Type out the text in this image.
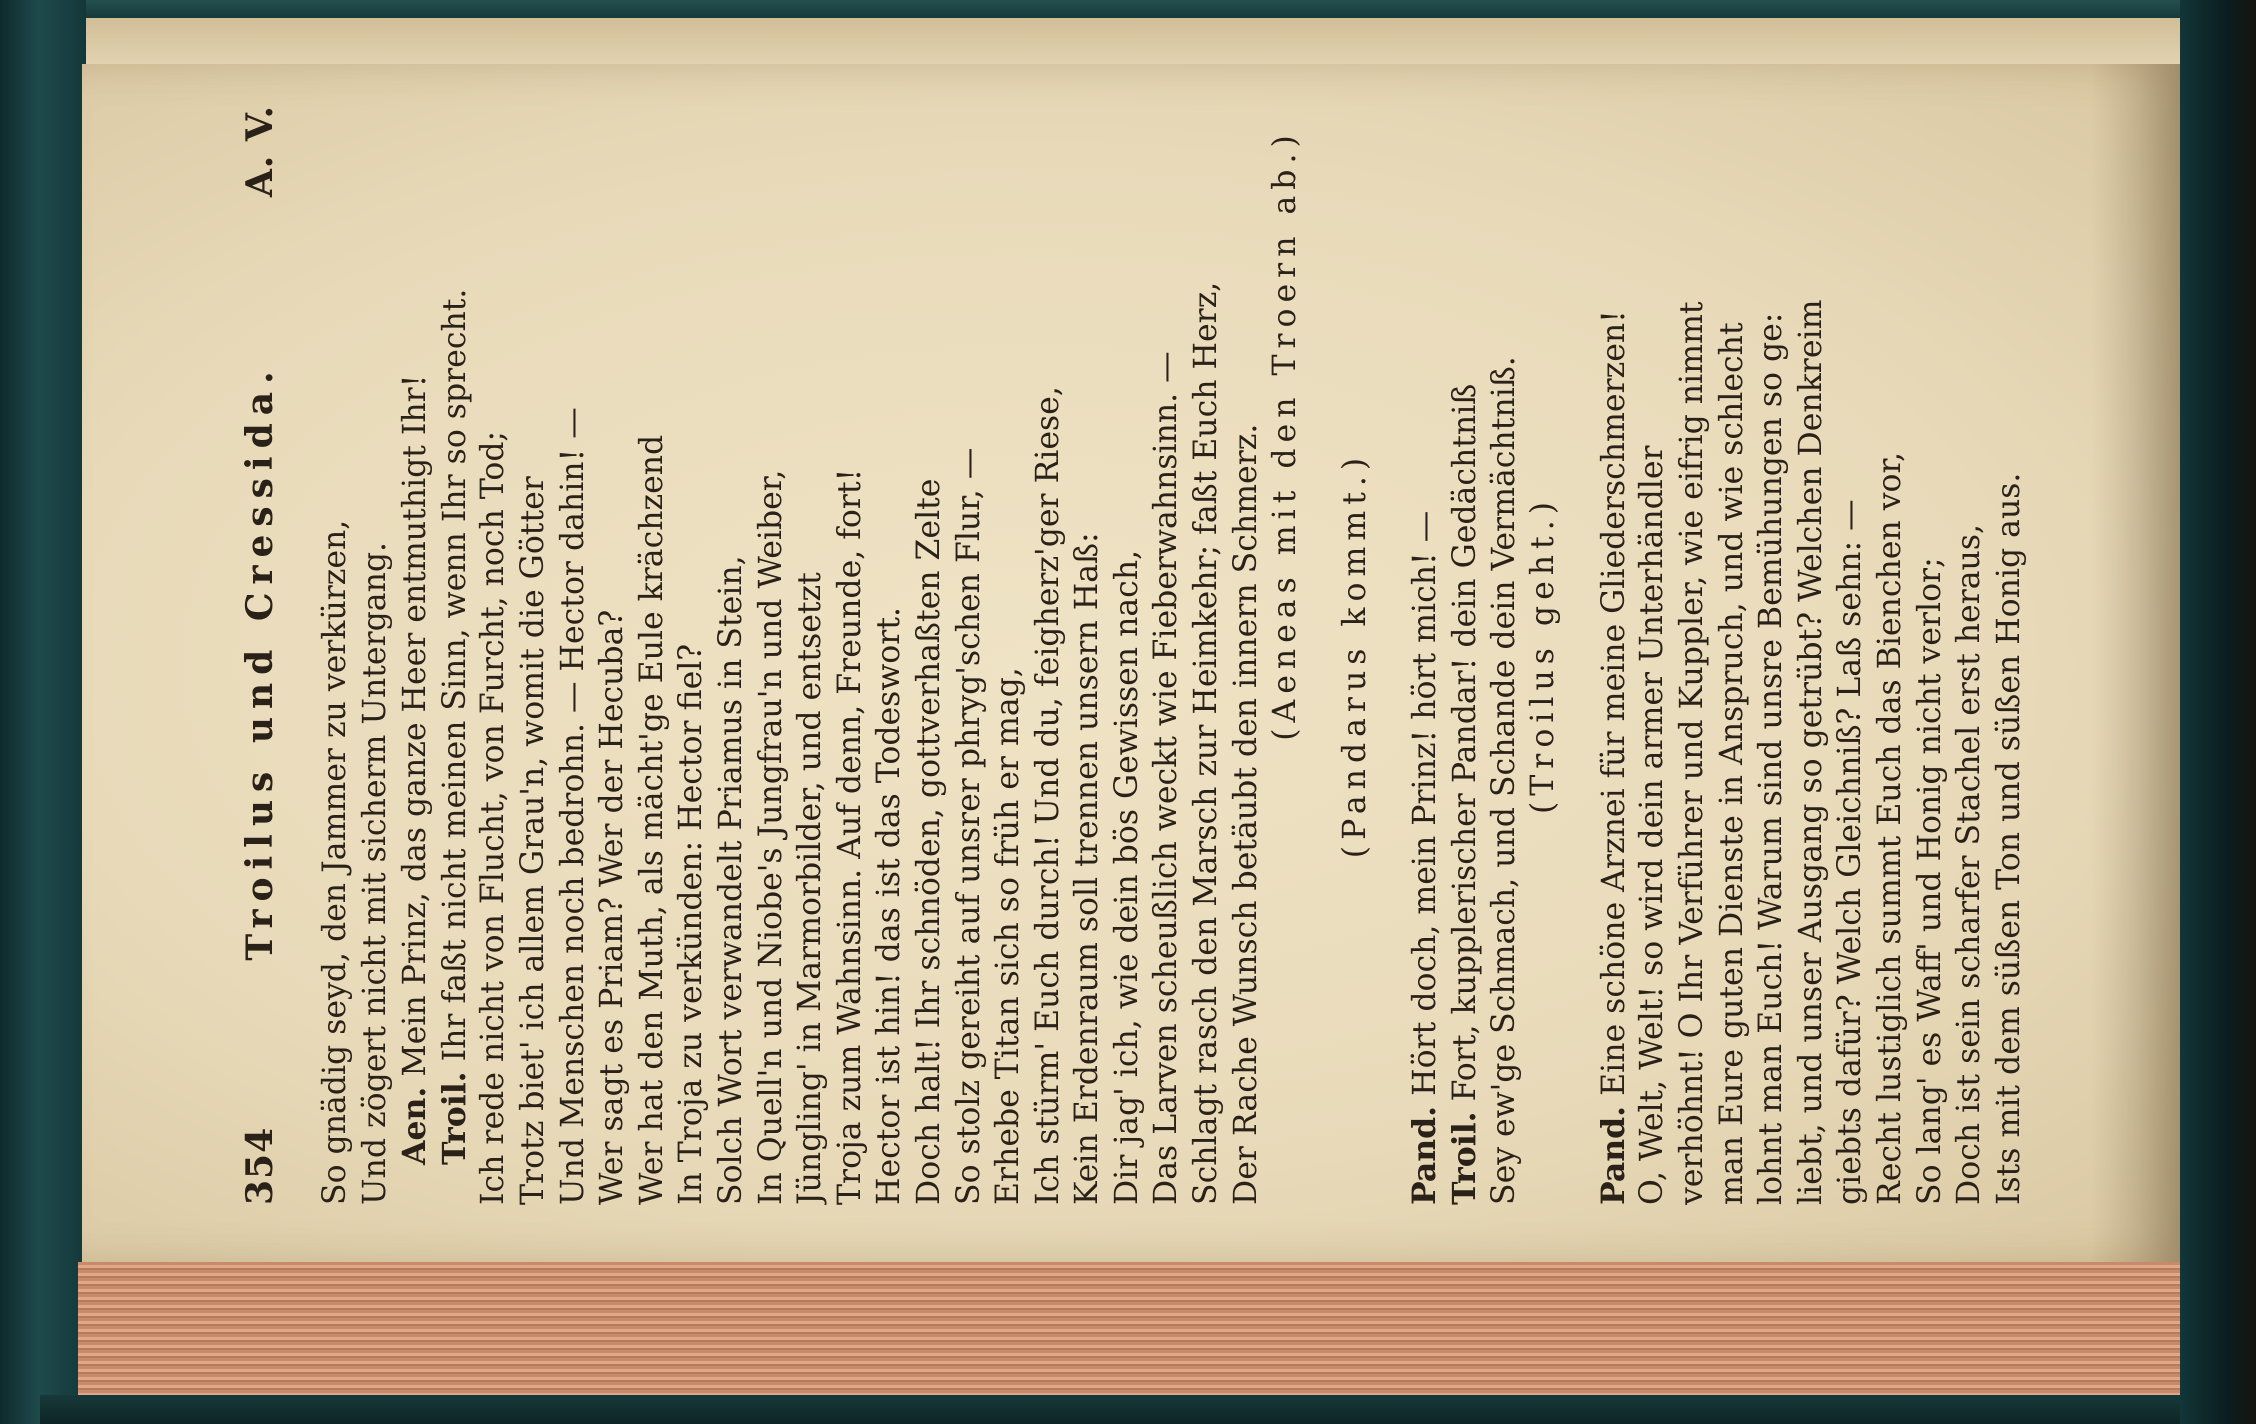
354
Troilus und Cressida.
A. V.
So gnädig seyd, den Jammer zu verkürzen, Und zögert nicht mit sicherm Untergang. Aen. Mein Prinz, das ganze Heer entmuthigt Ihr!
Troil. Ihr faßt nicht meinen Sinn, wenn Ihr so sprecht. Ich rede nicht von Flucht, von Furcht, noch Tod; Trotz biet' ich allem Grau'n, womit die Götter Und Menschen noch bedrohn. — Hector dahin! — Wer sagt es Priam? Wer der Hecuba? Wer hat den Muth, als mächt'ge Eule krächzend In Troja zu verkünden: Hector fiel? Solch Wort verwandelt Priamus in Stein, In Quell'n und Niobe's Jungfrau'n und Weiber, Jüngling' in Marmorbilder, und entsetzt Troja zum Wahnsinn. Auf denn, Freunde, fort! Hector ist hin! das ist das Todeswort. Doch halt! Ihr schnöden, gottverhaßten Zelte So stolz gereiht auf unsrer phryg'schen Flur, — Erhebe Titan sich so früh er mag, Ich stürm' Euch durch! Und du, feigherz'ger Riese, Kein Erdenraum soll trennen unsern Haß: Dir jag' ich, wie dein bös Gewissen nach, Das Larven scheußlich weckt wie Fieberwahnsinn. — Schlagt rasch den Marsch zur Heimkehr; faßt Euch Herz, Der Rache Wunsch betäubt den innern Schmerz. (Aeneas mit den Troern ab.) (Pandarus kommt.)
Pand. Hört doch, mein Prinz! hört mich! —
Troil. Fort, kupplerischer Pandar! dein Gedächtniß Sey ew'ge Schmach, und Schande dein Vermächtniß. (Troilus geht.)
Pand. Eine schöne Arznei für meine Gliederschmerzen! O, Welt, Welt! so wird dein armer Unterhändler verhöhnt! O Ihr Verführer und Kuppler, wie eifrig nimmt man Eure guten Dienste in Anspruch, und wie schlecht lohnt man Euch! Warum sind unsre Bemühungen so ge: liebt, und unser Ausgang so getrübt? Welchen Denkreim giebts dafür? Welch Gleichniß? Laß sehn: — Recht lustiglich summt Euch das Bienchen vor, So lang' es Waff' und Honig nicht verlor; Doch ist sein scharfer Stachel erst heraus, Ists mit dem süßen Ton und süßen Honig aus.
